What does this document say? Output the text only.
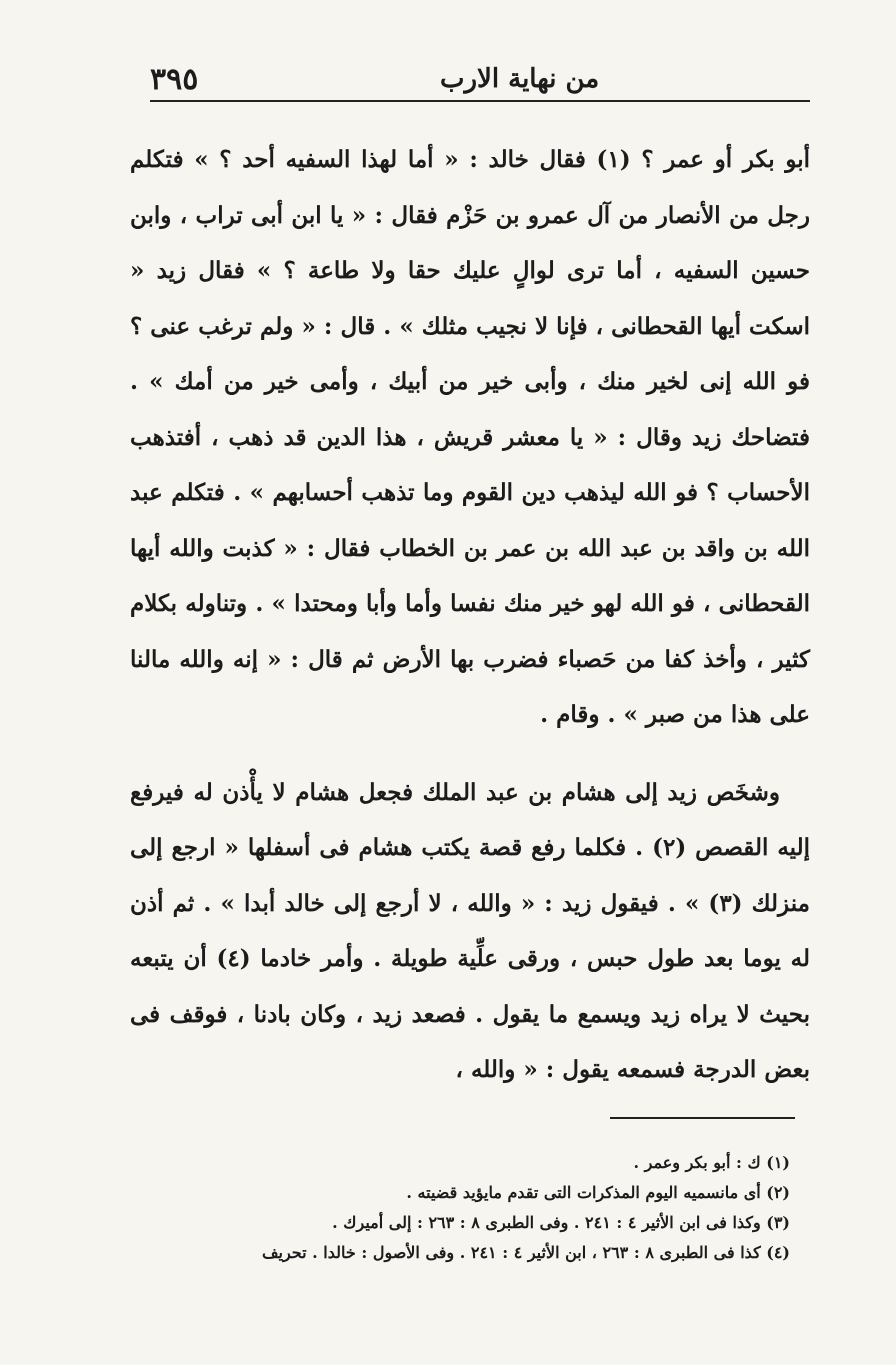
٣٩٥	من نهاية الارب

أبو بكر أو عمر ؟ (١) فقال خالد : « أما لهذا السفيه أحد ؟ » فتكلم رجل من الأنصار من آل عمرو بن حَزْم فقال : « يا ابن أبى تراب ، وابن حسين السفيه ، أما ترى لوالٍ عليك حقا ولا طاعة ؟ » فقال زيد « اسكت أيها القحطانى ، فإنا لا نجيب مثلك » . قال : « ولم ترغب عنى ؟ فو الله إنى لخير منك ، وأبى خير من أبيك ، وأمى خير من أمك » . فتضاحك زيد وقال : « يا معشر قريش ، هذا الدين قد ذهب ، أفتذهب الأحساب ؟ فو الله ليذهب دين القوم وما تذهب أحسابهم » . فتكلم عبد الله بن واقد بن عبد الله بن عمر بن الخطاب فقال : « كذبت والله أيها القحطانى ، فو الله لهو خير منك نفسا وأما وأبا ومحتدا » . وتناوله بكلام كثير ، وأخذ كفا من حَصباء فضرب بها الأرض ثم قال : « إنه والله مالنا على هذا من صبر » . وقام .

وشخَص زيد إلى هشام بن عبد الملك فجعل هشام لا يأْذن له فيرفع إليه القصص (٢) . فكلما رفع قصة يكتب هشام فى أسفلها « ارجع إلى منزلك (٣) » . فيقول زيد : « والله ، لا أرجع إلى خالد أبدا » . ثم أذن له يوما بعد طول حبس ، ورقى علِّية طويلة . وأمر خادما (٤) أن يتبعه بحيث لا يراه زيد ويسمع ما يقول . فصعد زيد ، وكان بادنا ، فوقف فى بعض الدرجة فسمعه يقول : « والله ،

(١) ك : أبو بكر وعمر .

(٢) أى مانسميه اليوم المذكرات التى تقدم مايؤيد قضيته .

(٣) وكذا فى ابن الأثير ٤ : ٢٤١ . وفى الطبرى ٨ : ٢٦٣ : إلى أميرك .

(٤) كذا فى الطبرى ٨ : ٢٦٣ ، ابن الأثير ٤ : ٢٤١ . وفى الأصول : خالدا . تحريف
